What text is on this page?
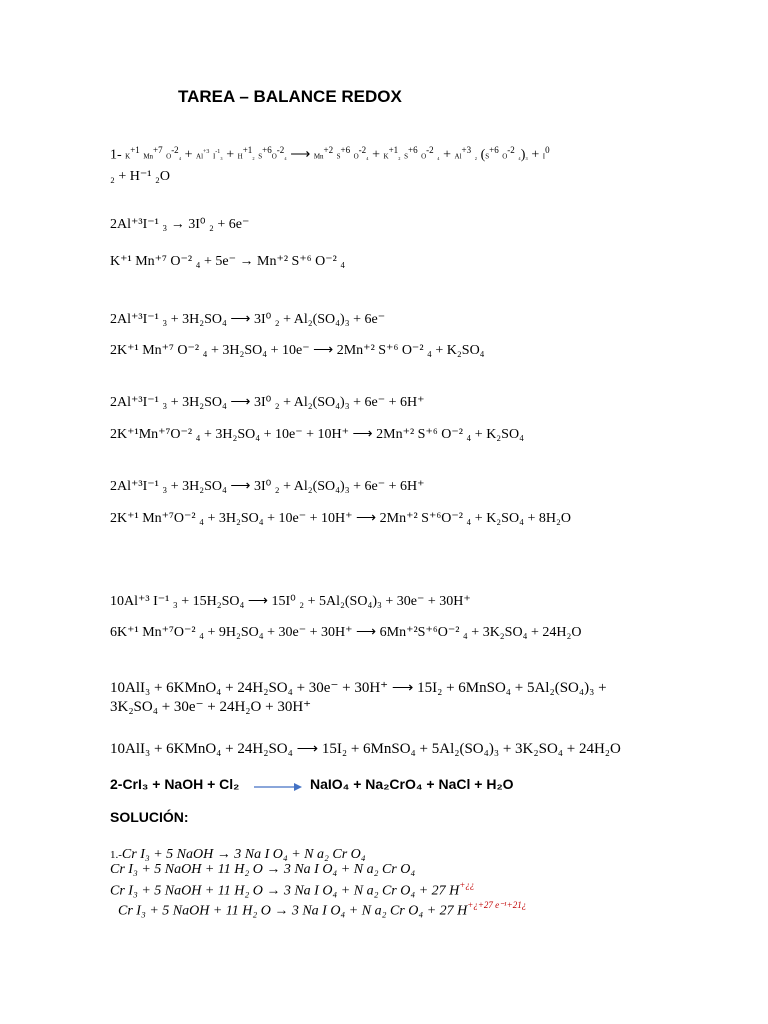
TAREA – BALANCE REDOX
1- $K^{+1}$ $Mn^{+7}$ $O^{-2}_4 + Al^{+3}$ $I^{-1}_3 + H^{+1}_2$ $S^{+6}O^{-2}_4$ ⟶ $Mn^{+2}$ $S^{+6}$ $O^{-2}_4 + K^{+1}_2$ $S^{+6}$ $O^{-2}$ $_4 + Al^{+3}$ ₂ ($S^{+6}$ $O^{-2}$ $_4)_3 + I^0$
₂ + H⁻¹ ₂O
2Al⁺³I⁻¹ ₃ → 3I⁰ ₂ + 6e⁻
K⁺¹ Mn⁺⁷ O⁻² ₄ + 5e⁻ → Mn⁺² S⁺⁶ O⁻² ₄
2Al⁺³I⁻¹ ₃ + 3H₂SO₄ ⟶ 3I⁰ ₂ + Al₂(SO₄)₃ + 6e⁻
2K⁺¹ Mn⁺⁷ O⁻² ₄ + 3H₂SO₄ + 10e⁻ ⟶ 2Mn⁺² S⁺⁶ O⁻² ₄ + K₂SO₄
2Al⁺³I⁻¹ ₃ + 3H₂SO₄ ⟶ 3I⁰ ₂ + Al₂(SO₄)₃ + 6e⁻ + 6H⁺
2K⁺¹Mn⁺⁷O⁻² ₄ + 3H₂SO₄ + 10e⁻ + 10H⁺ ⟶ 2Mn⁺² S⁺⁶ O⁻² ₄ + K₂SO₄
2Al⁺³I⁻¹ ₃ + 3H₂SO₄ ⟶ 3I⁰ ₂ + Al₂(SO₄)₃ + 6e⁻ + 6H⁺
2K⁺¹ Mn⁺⁷O⁻² ₄ + 3H₂SO₄ + 10e⁻ + 10H⁺ ⟶ 2Mn⁺² S⁺⁶O⁻² ₄ + K₂SO₄ + 8H₂O
10Al⁺³ I⁻¹ ₃ + 15H₂SO₄ ⟶ 15I⁰ ₂ + 5Al₂(SO₄)₃ + 30e⁻ + 30H⁺
6K⁺¹ Mn⁺⁷O⁻² ₄ + 9H₂SO₄ + 30e⁻ + 30H⁺ ⟶ 6Mn⁺²S⁺⁶O⁻² ₄ + 3K₂SO₄ + 24H₂O
10AlI₃ + 6KMnO₄ + 24H₂SO₄ + 30e⁻ + 30H⁺ ⟶ 15I₂ + 6MnSO₄ + 5Al₂(SO₄)₃ +
3K₂SO₄ + 30e⁻ + 24H₂O + 30H⁺
10AlI₃ + 6KMnO₄ + 24H₂SO₄ ⟶ 15I₂ + 6MnSO₄ + 5Al₂(SO₄)₃ + 3K₂SO₄ + 24H₂O
2-CrI₃ + NaOH + Cl₂ → NaIO₄ + Na₂CrO₄ + NaCl + H₂O
SOLUCIÓN:
1.-Cr I₃ + 5 NaOH → 3 Na I O₄ + N a₂ Cr O₄
Cr I₃ + 5 NaOH + 11 H₂ O → 3 Na I O₄ + N a₂ Cr O₄
Cr I₃ + 5 NaOH + 11 H₂ O → 3 Na I O₄ + N a₂ Cr O₄ + 27 H+¿¿
Cr I₃ + 5 NaOH + 11 H₂ O → 3 Na I O₄ + N a₂ Cr O₄ + 27 $H^{+¿+27 e^{-1}+21¿}$
